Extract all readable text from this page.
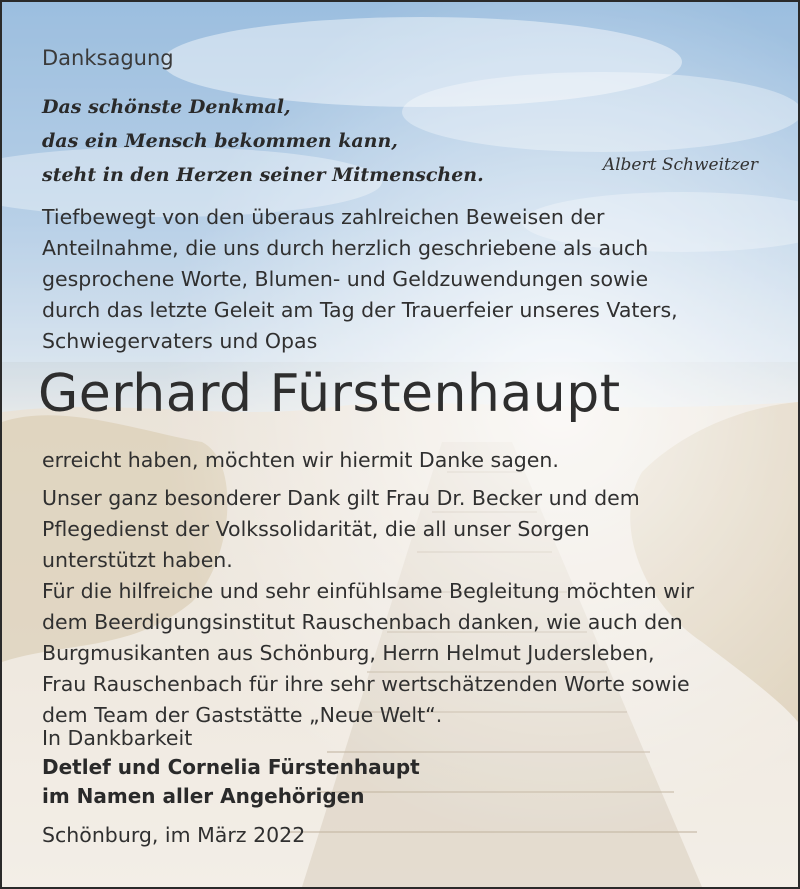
Danksagung
Das schönste Denkmal,
das ein Mensch bekommen kann,
steht in den Herzen seiner Mitmenschen.	Albert Schweitzer
Tiefbewegt von den überaus zahlreichen Beweisen der
Anteilnahme, die uns durch herzlich geschriebene als auch
gesprochene Worte, Blumen- und Geldzuwendungen sowie
durch das letzte Geleit am Tag der Trauerfeier unseres Vaters,
Schwiegervaters und Opas
Gerhard Fürstenhaupt
erreicht haben, möchten wir hiermit Danke sagen.
Unser ganz besonderer Dank gilt Frau Dr. Becker und dem
Pflegedienst der Volkssolidarität, die all unser Sorgen
unterstützt haben.
Für die hilfreiche und sehr einfühlsame Begleitung möchten wir
dem Beerdigungsinstitut Rauschenbach danken, wie auch den
Burgmusikanten aus Schönburg, Herrn Helmut Judersleben,
Frau Rauschenbach für ihre sehr wertschätzenden Worte sowie
dem Team der Gaststätte „Neue Welt“.
In Dankbarkeit
Detlef und Cornelia Fürstenhaupt
im Namen aller Angehörigen
Schönburg, im März 2022
